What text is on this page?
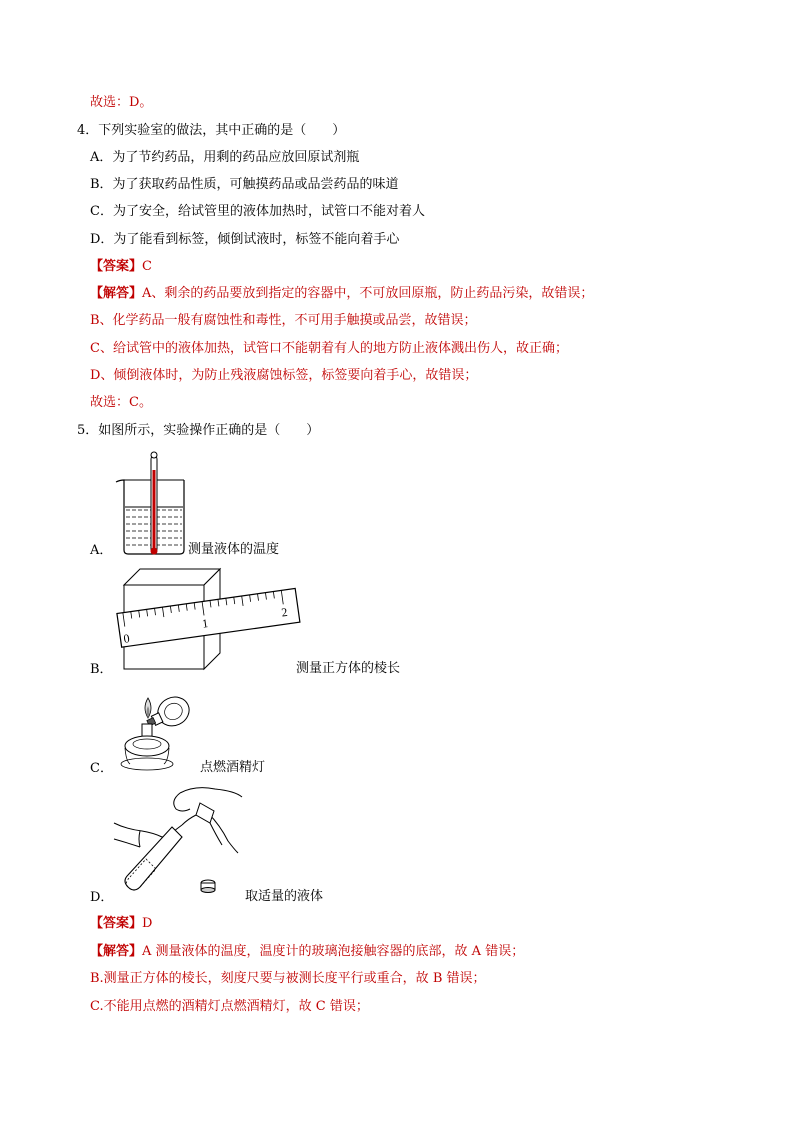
故选：D。
4．下列实验室的做法，其中正确的是（　　）
A．为了节约药品，用剩的药品应放回原试剂瓶
B．为了获取药品性质，可触摸药品或品尝药品的味道
C．为了安全，给试管里的液体加热时，试管口不能对着人
D．为了能看到标签，倾倒试液时，标签不能向着手心
【答案】C
【解答】A、剩余的药品要放到指定的容器中，不可放回原瓶，防止药品污染，故错误；
B、化学药品一般有腐蚀性和毒性，不可用手触摸或品尝，故错误；
C、给试管中的液体加热，试管口不能朝着有人的地方防止液体溅出伤人，故正确；
D、倾倒液体时，为防止残液腐蚀标签，标签要向着手心，故错误；
故选：C。
5．如图所示，实验操作正确的是（　　）
A．	测量液体的温度
0
1
2
B．	测量正方体的棱长
C．	点燃酒精灯
D．	取适量的液体
【答案】D
【解答】A 测量液体的温度，温度计的玻璃泡接触容器的底部，故 A 错误；
B.测量正方体的棱长，刻度尺要与被测长度平行或重合，故 B 错误；
C.不能用点燃的酒精灯点燃酒精灯，故 C 错误；
